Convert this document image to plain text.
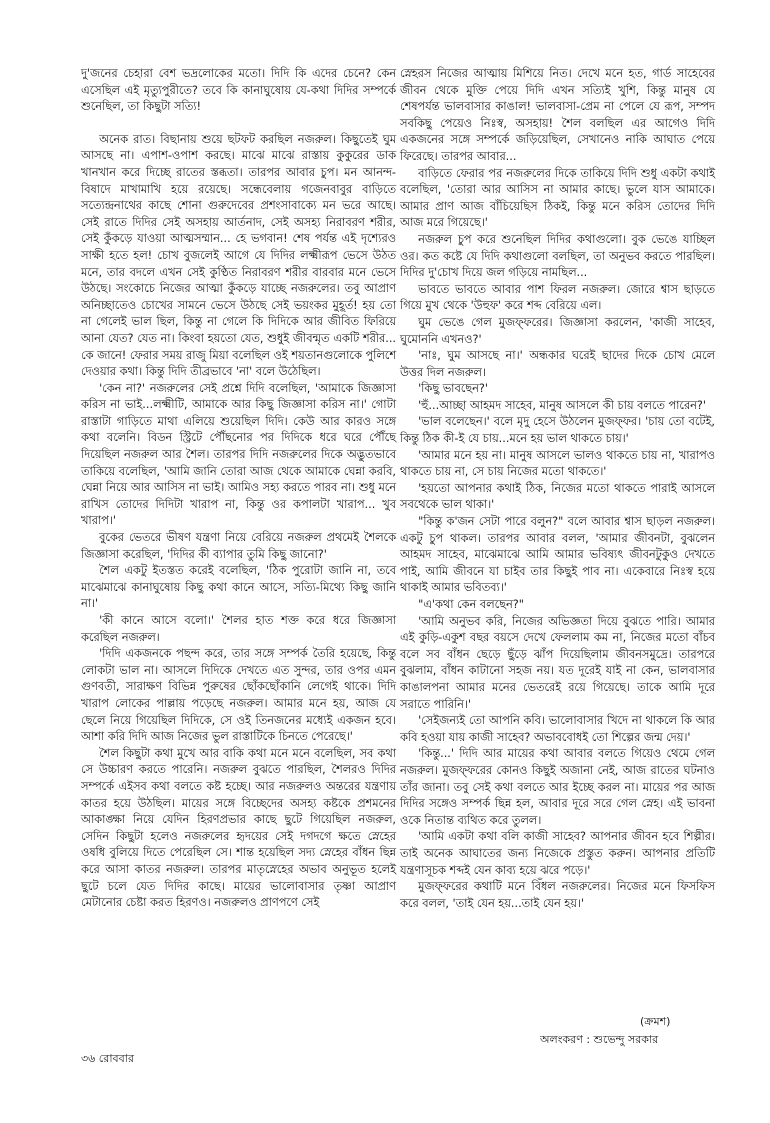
দু'জনের চেহারা বেশ ভদ্রলোকের মতো। দিদি কি এদের চেনে? কেন এসেছিল এই মৃত্যুপুরীতে? তবে কি কানাঘুষোয় যে-কথা দিদির সম্পর্কে শুনেছিল, তা কিছুটা সত্যি!

অনেক রাত। বিছানায় শুয়ে ছটফট করছিল নজরুল। কিছুতেই ঘুম আসছে না। এপাশ-ওপাশ করছে। মাঝে মাঝে রাস্তায় কুকুরের ডাক খানখান করে দিচ্ছে রাতের স্তব্ধতা। তারপর আবার চুপ। মন আনন্দ-বিষাদে মাখামাখি হয়ে রয়েছে। সন্ধেবেলায় গজেনবাবুর বাড়িতে সত্যেন্দ্রনাথের কাছে শোনা গুরুদেবের প্রশংসাবাক্যে মন ভরে আছে। সেই রাতে দিদির সেই অসহায় আর্তনাদ, সেই অসহ্য নিরাবরণ শরীর, সেই কুঁকড়ে যাওয়া আত্মসম্মান... হে ভগবান! শেষ পর্যন্ত এই দৃশ্যেরও সাক্ষী হতে হল! চোখ বুজলেই আগে যে দিদির লক্ষ্মীরূপ ভেসে উঠত মনে, তার বদলে এখন সেই কুণ্ঠিত নিরাবরণ শরীর বারবার মনে ভেসে উঠছে। সংকোচে নিজের আত্মা কুঁকড়ে যাচ্ছে নজরুলের। তবু আপ্রাণ অনিচ্ছাতেও চোখের সামনে ভেসে উঠছে সেই ভয়ংকর মুহূর্ত! হয় তো না গেলেই ভাল ছিল, কিন্তু না গেলে কি দিদিকে আর জীবিত ফিরিয়ে আনা যেত? যেত না। কিংবা হয়তো যেত, শুধুই জীবন্মৃত একটি শরীর... কে জানে! ফেরার সময় রাজু মিয়া বলেছিল ওই শয়তানগুলোকে পুলিশে দেওয়ার কথা। কিন্তু দিদি তীব্রভাবে 'না' বলে উঠেছিল।

'কেন না?' নজরুলের সেই প্রশ্নে দিদি বলেছিল, 'আমাকে জিজ্ঞাসা করিস না ভাই...লক্ষ্মীটি, আমাকে আর কিছু জিজ্ঞাসা করিস না।' গোটা রাস্তাটা গাড়িতে মাথা এলিয়ে শুয়েছিল দিদি। কেউ আর কারও সঙ্গে কথা বলেনি। বিডন স্ট্রিটে পৌঁছনোর পর দিদিকে ধরে ঘরে পৌঁছে দিয়েছিল নজরুল আর শৈল। তারপর দিদি নজরুলের দিকে অদ্ভুতভাবে তাকিয়ে বলেছিল, 'আমি জানি তোরা আজ থেকে আমাকে ঘেন্না করবি, ঘেন্না নিয়ে আর আসিস না ভাই। আমিও সহ্য করতে পারব না। শুধু মনে রাখিস তোদের দিদিটা খারাপ না, কিন্তু ওর কপালটা খারাপ... খুব খারাপ।'

বুকের ভেতরে ভীষণ যন্ত্রণা নিয়ে বেরিয়ে নজরুল প্রথমেই শৈলকে জিজ্ঞাসা করেছিল, 'দিদির কী ব্যাপার তুমি কিছু জানো?'

শৈল একটু ইতস্তত করেই বলেছিল, 'ঠিক পুরোটা জানি না, তবে মাঝেমাঝে কানাঘুষোয় কিছু কথা কানে আসে, সত্যি-মিথ্যে কিছু জানি না।'

'কী কানে আসে বলো।' শৈলর হাত শক্ত করে ধরে জিজ্ঞাসা করেছিল নজরুল।

'দিদি একজনকে পছন্দ করে, তার সঙ্গে সম্পর্ক তৈরি হয়েছে, কিন্তু লোকটা ভাল না। আসলে দিদিকে দেখতে এত সুন্দর, তার ওপর এমন গুণবতী, সারাক্ষণ বিভিন্ন পুরুষের ছোঁকছোঁকানি লেগেই থাকে। দিদি খারাপ লোকের পাল্লায় পড়েছে নজরুল। আমার মনে হয়, আজ যে ছেলে নিয়ে গিয়েছিল দিদিকে, সে ওই তিনজনের মধ্যেই একজন হবে। আশা করি দিদি আজ নিজের ভুল রাস্তাটিকে চিনতে পেরেছে।'

শৈল কিছুটা কথা মুখে আর বাকি কথা মনে মনে বলেছিল, সব কথা সে উচ্চারণ করতে পারেনি। নজরুল বুঝতে পারছিল, শৈলরও দিদির সম্পর্কে এইসব কথা বলতে কষ্ট হচ্ছে। আর নজরুলও অন্তরের যন্ত্রণায় কাতর হয়ে উঠছিল। মায়ের সঙ্গে বিচ্ছেদের অসহ্য কষ্টকে প্রশমনের আকাঙ্ক্ষা নিয়ে যেদিন হিরণপ্রভার কাছে ছুটে গিয়েছিল নজরুল, সেদিন কিছুটা হলেও নজরুলের হৃদয়ের সেই দগদগে ক্ষতে স্নেহের ওষধি বুলিয়ে দিতে পেরেছিল সে। শান্ত হয়েছিল সদ্য স্নেহের বাঁধন ছিন্ন করে আসা কাতর নজরুল। তারপর মাতৃস্নেহের অভাব অনুভূত হলেই ছুটে চলে যেত দিদির কাছে। মায়ের ভালোবাসার তৃষ্ণা আপ্রাণ মেটানোর চেষ্টা করত হিরণও। নজরুলও প্রাণপণে সেই

স্নেহরস নিজের আত্মায় মিশিয়ে নিত। দেখে মনে হত, গার্ড সাহেবের জীবন থেকে মুক্তি পেয়ে দিদি এখন সত্যিই খুশি, কিন্তু মানুষ যে শেষপর্যন্ত ভালবাসার কাঙাল! ভালবাসা-প্রেম না পেলে যে রূপ, সম্পদ সবকিছু পেয়েও নিঃস্ব, অসহায়! শৈল বলছিল এর আগেও দিদি একজনের সঙ্গে সম্পর্কে জড়িয়েছিল, সেখানেও নাকি আঘাত পেয়ে ফিরেছে। তারপর আবার...

বাড়িতে ফেরার পর নজরুলের দিকে তাকিয়ে দিদি শুধু একটা কথাই বলেছিল, 'তোরা আর আসিস না আমার কাছে। ভুলে যাস আমাকে। আমার প্রাণ আজ বাঁচিয়েছিস ঠিকই, কিন্তু মনে করিস তোদের দিদি আজ মরে গিয়েছে।'

নজরুল চুপ করে শুনেছিল দিদির কথাগুলো। বুক ভেঙে যাচ্ছিল ওর। কত কষ্টে যে দিদি কথাগুলো বলছিল, তা অনুভব করতে পারছিল। দিদির দু'চোখ দিয়ে জল গড়িয়ে নামছিল...

ভাবতে ভাবতে আবার পাশ ফিরল নজরুল। জোরে শ্বাস ছাড়তে গিয়ে মুখ থেকে 'উহুফ' করে শব্দ বেরিয়ে এল।

ঘুম ভেঙে গেল মুজফ্ফরের। জিজ্ঞাসা করলেন, 'কাজী সাহেব, ঘুমোননি এখনও?'

'নাঃ, ঘুম আসছে না।' অন্ধকার ঘরেই ছাদের দিকে চোখ মেলে উত্তর দিল নজরুল।

'কিছু ভাবছেন?'

'হুঁ...আচ্ছা আহমদ সাহেব, মানুষ আসলে কী চায় বলতে পারেন?'

'ভাল বলেছেন।' বলে মৃদু হেসে উঠলেন মুজফ্ফর। 'চায় তো বটেই, কিন্তু ঠিক কী-ই যে চায়...মনে হয় ভাল থাকতে চায়।'

'আমার মনে হয় না। মানুষ আসলে ভালও থাকতে চায় না, খারাপও থাকতে চায় না, সে চায় নিজের মতো থাকতে।'

'হয়তো আপনার কথাই ঠিক, নিজের মতো থাকতে পারাই আসলে সবথেকে ভাল থাকা।'

"কিন্তু ক'জন সেটা পারে বলুন?" বলে আবার শ্বাস ছাড়ল নজরুল। একটু চুপ থাকল। তারপর আবার বলল, 'আমার জীবনটা, বুঝলেন আহমদ সাহেব, মাঝেমাঝে আমি আমার ভবিষ্যৎ জীবনটুকুও দেখতে পাই, আমি জীবনে যা চাইব তার কিছুই পাব না। একেবারে নিঃস্ব হয়ে থাকাই আমার ভবিতব্য।'

"এ'কথা কেন বলছেন?"

'আমি অনুভব করি, নিজের অভিজ্ঞতা দিয়ে বুঝতে পারি। আমার এই কুড়ি-একুশ বছর বয়সে দেখে ফেললাম কম না, নিজের মতো বাঁচব বলে সব বাঁধন ছেড়ে ছুঁড়ে ঝাঁপ দিয়েছিলাম জীবনসমুদ্রে। তারপরে বুঝলাম, বাঁধন কাটানো সহজ নয়। যত দূরেই যাই না কেন, ভালবাসার কাঙালপনা আমার মনের ভেতরেই রয়ে গিয়েছে। তাকে আমি দূরে সরাতে পারিনি।'

'সেইজন্যই তো আপনি কবি। ভালোবাসার খিদে না থাকলে কি আর কবি হওয়া যায় কাজী সাহেব? অভাববোধই তো শিল্পের জন্ম দেয়।'

'কিন্তু...' দিদি আর মায়ের কথা আবার বলতে গিয়েও থেমে গেল নজরুল। মুজফ্ফরের কোনও কিছুই অজানা নেই, আজ রাতের ঘটনাও তাঁর জানা। তবু সেই কথা বলতে আর ইচ্ছে করল না। মায়ের পর আজ দিদির সঙ্গেও সম্পর্ক ছিন্ন হল, আবার দূরে সরে গেল স্নেহ। এই ভাবনা ওকে নিতান্ত ব্যথিত করে তুলল।

'আমি একটা কথা বলি কাজী সাহেব? আপনার জীবন হবে শিল্পীর। তাই অনেক আঘাতের জন্য নিজেকে প্রস্তুত করুন। আপনার প্রতিটি যন্ত্রণাসূচক শব্দই যেন কাব্য হয়ে ঝরে পড়ে।'

মুজফ্ফরের কথাটি মনে বিঁধল নজরুলের। নিজের মনে ফিসফিস করে বলল, 'তাই যেন হয়...তাই যেন হয়।'

(ক্রমশ)
অলংকরণ : শুভেন্দু সরকার
৩৬ রোববার
